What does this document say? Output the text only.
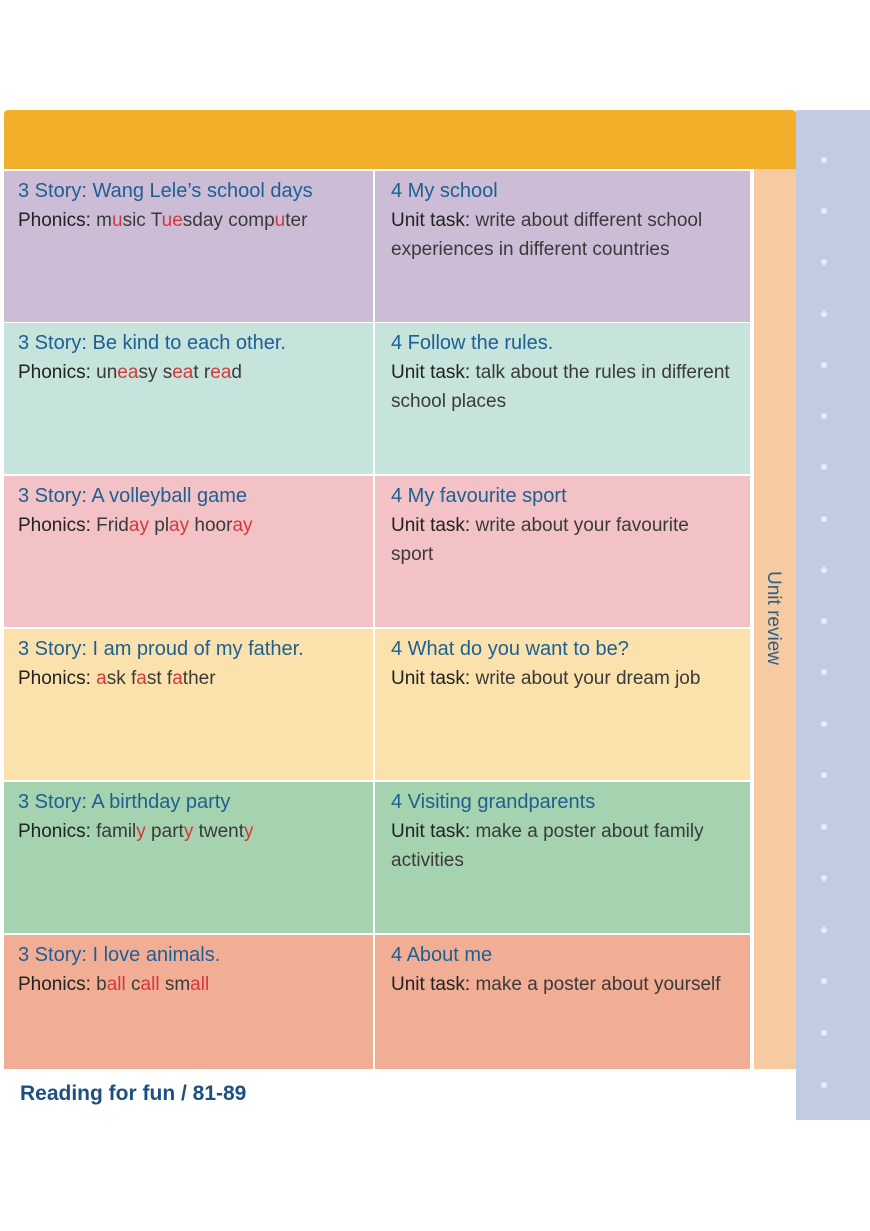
Unit review
3 Story: Wang Lele’s school days
Phonics: music Tuesday computer
4 My school
Unit task: write about different school experiences in different countries
3 Story: Be kind to each other.
Phonics: uneasy seat read
4 Follow the rules.
Unit task: talk about the rules in different school places
3 Story: A volleyball game
Phonics: Friday play hooray
4 My favourite sport
Unit task: write about your favourite sport
3 Story: I am proud of my father.
Phonics: ask fast father
4 What do you want to be?
Unit task: write about your dream job
3 Story: A birthday party
Phonics: family party twenty
4 Visiting grandparents
Unit task: make a poster about family activities
3 Story: I love animals.
Phonics: ball call small
4 About me
Unit task: make a poster about yourself
Reading for fun / 81-89
